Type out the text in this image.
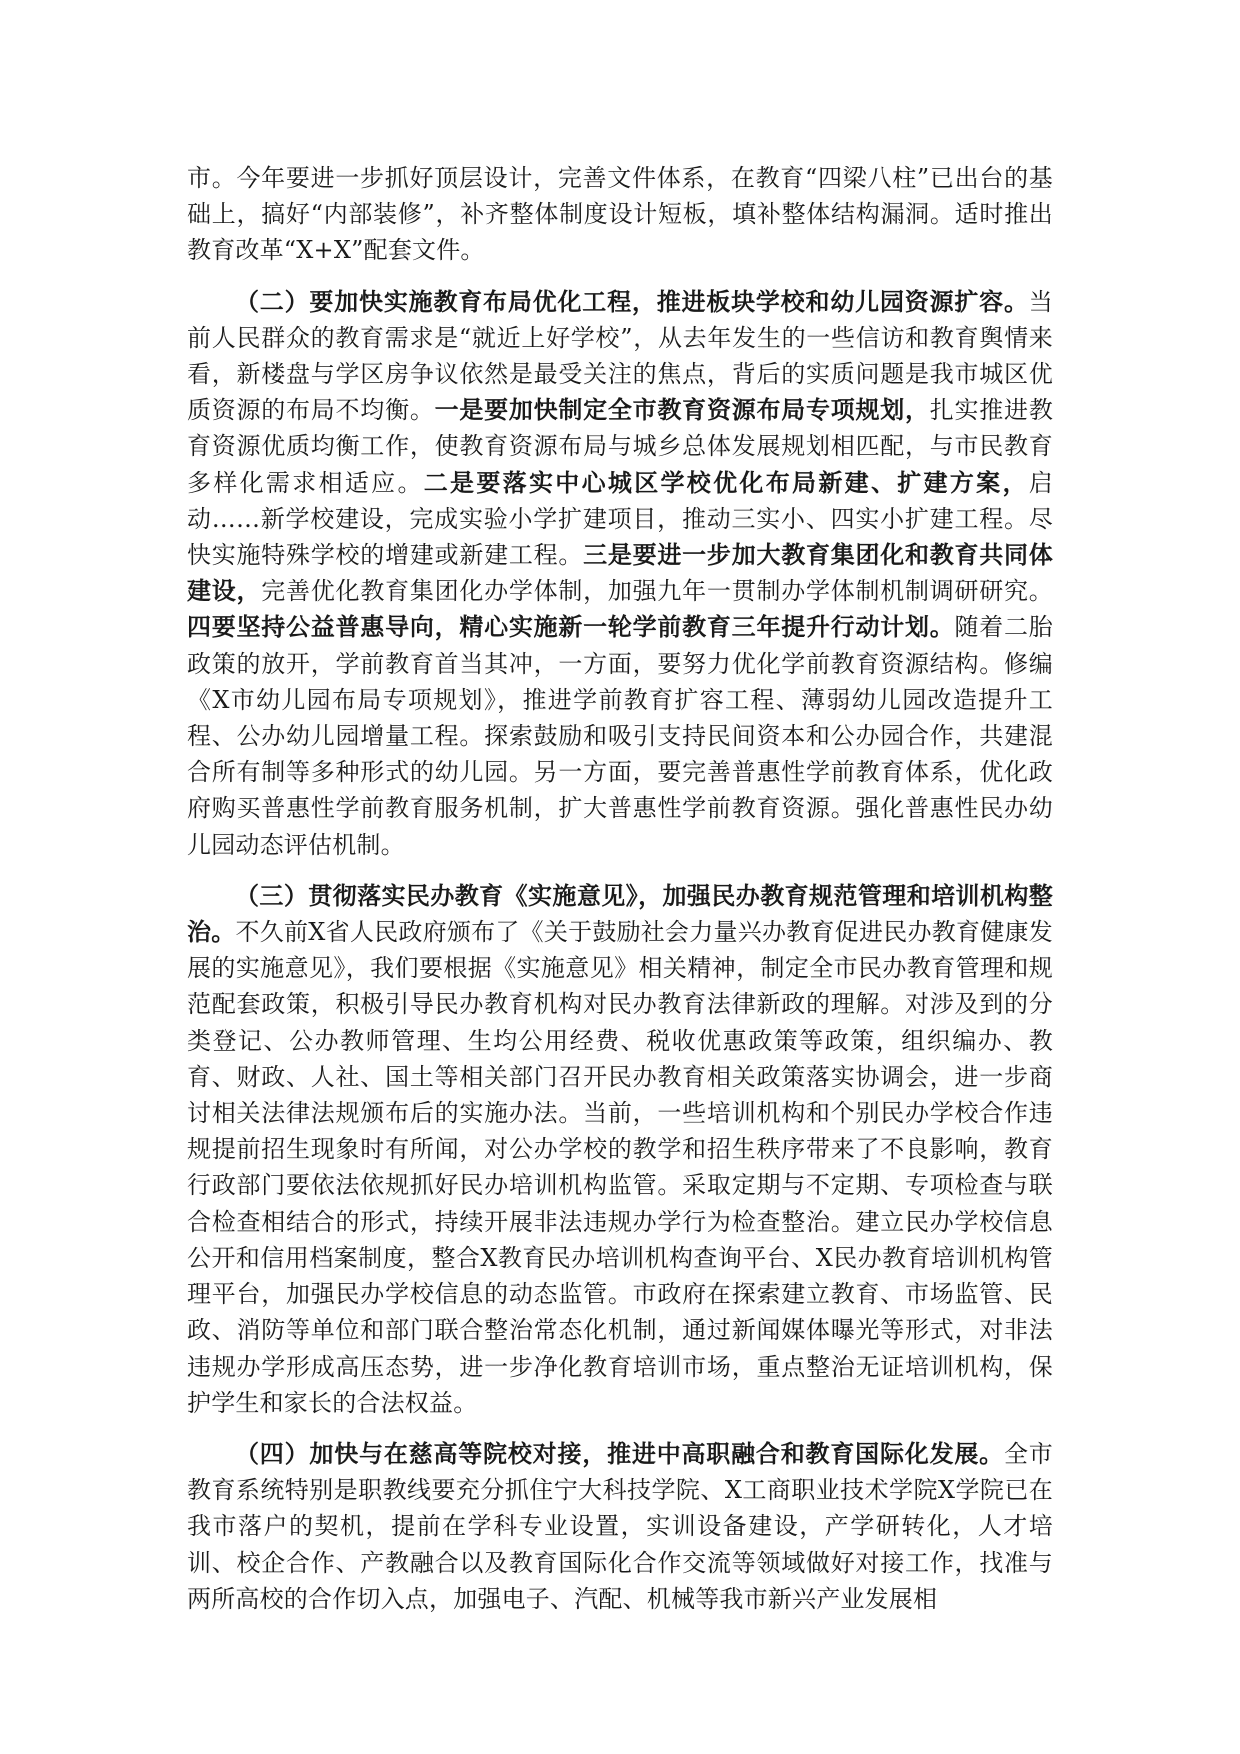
市。今年要进一步抓好顶层设计，完善文件体系，在教育“四梁八柱”已出台的基础上，搞好“内部装修”，补齐整体制度设计短板，填补整体结构漏洞。适时推出教育改革“X+X”配套文件。

（二）要加快实施教育布局优化工程，推进板块学校和幼儿园资源扩容。当前人民群众的教育需求是“就近上好学校”，从去年发生的一些信访和教育舆情来看，新楼盘与学区房争议依然是最受关注的焦点，背后的实质问题是我市城区优质资源的布局不均衡。一是要加快制定全市教育资源布局专项规划，扎实推进教育资源优质均衡工作，使教育资源布局与城乡总体发展规划相匹配，与市民教育多样化需求相适应。二是要落实中心城区学校优化布局新建、扩建方案，启动……新学校建设，完成实验小学扩建项目，推动三实小、四实小扩建工程。尽快实施特殊学校的增建或新建工程。三是要进一步加大教育集团化和教育共同体建设，完善优化教育集团化办学体制，加强九年一贯制办学体制机制调研研究。四要坚持公益普惠导向，精心实施新一轮学前教育三年提升行动计划。随着二胎政策的放开，学前教育首当其冲，一方面，要努力优化学前教育资源结构。修编《X市幼儿园布局专项规划》，推进学前教育扩容工程、薄弱幼儿园改造提升工程、公办幼儿园增量工程。探索鼓励和吸引支持民间资本和公办园合作，共建混合所有制等多种形式的幼儿园。另一方面，要完善普惠性学前教育体系，优化政府购买普惠性学前教育服务机制，扩大普惠性学前教育资源。强化普惠性民办幼儿园动态评估机制。

（三）贯彻落实民办教育《实施意见》，加强民办教育规范管理和培训机构整治。不久前X省人民政府颁布了《关于鼓励社会力量兴办教育促进民办教育健康发展的实施意见》，我们要根据《实施意见》相关精神，制定全市民办教育管理和规范配套政策，积极引导民办教育机构对民办教育法律新政的理解。对涉及到的分类登记、公办教师管理、生均公用经费、税收优惠政策等政策，组织编办、教育、财政、人社、国土等相关部门召开民办教育相关政策落实协调会，进一步商讨相关法律法规颁布后的实施办法。当前，一些培训机构和个别民办学校合作违规提前招生现象时有所闻，对公办学校的教学和招生秩序带来了不良影响，教育行政部门要依法依规抓好民办培训机构监管。采取定期与不定期、专项检查与联合检查相结合的形式，持续开展非法违规办学行为检查整治。建立民办学校信息公开和信用档案制度，整合X教育民办培训机构查询平台、X民办教育培训机构管理平台，加强民办学校信息的动态监管。市政府在探索建立教育、市场监管、民政、消防等单位和部门联合整治常态化机制，通过新闻媒体曝光等形式，对非法违规办学形成高压态势，进一步净化教育培训市场，重点整治无证培训机构，保护学生和家长的合法权益。

（四）加快与在慈高等院校对接，推进中高职融合和教育国际化发展。全市教育系统特别是职教线要充分抓住宁大科技学院、X工商职业技术学院X学院已在我市落户的契机，提前在学科专业设置，实训设备建设，产学研转化，人才培训、校企合作、产教融合以及教育国际化合作交流等领域做好对接工作，找准与两所高校的合作切入点，加强电子、汽配、机械等我市新兴产业发展相
